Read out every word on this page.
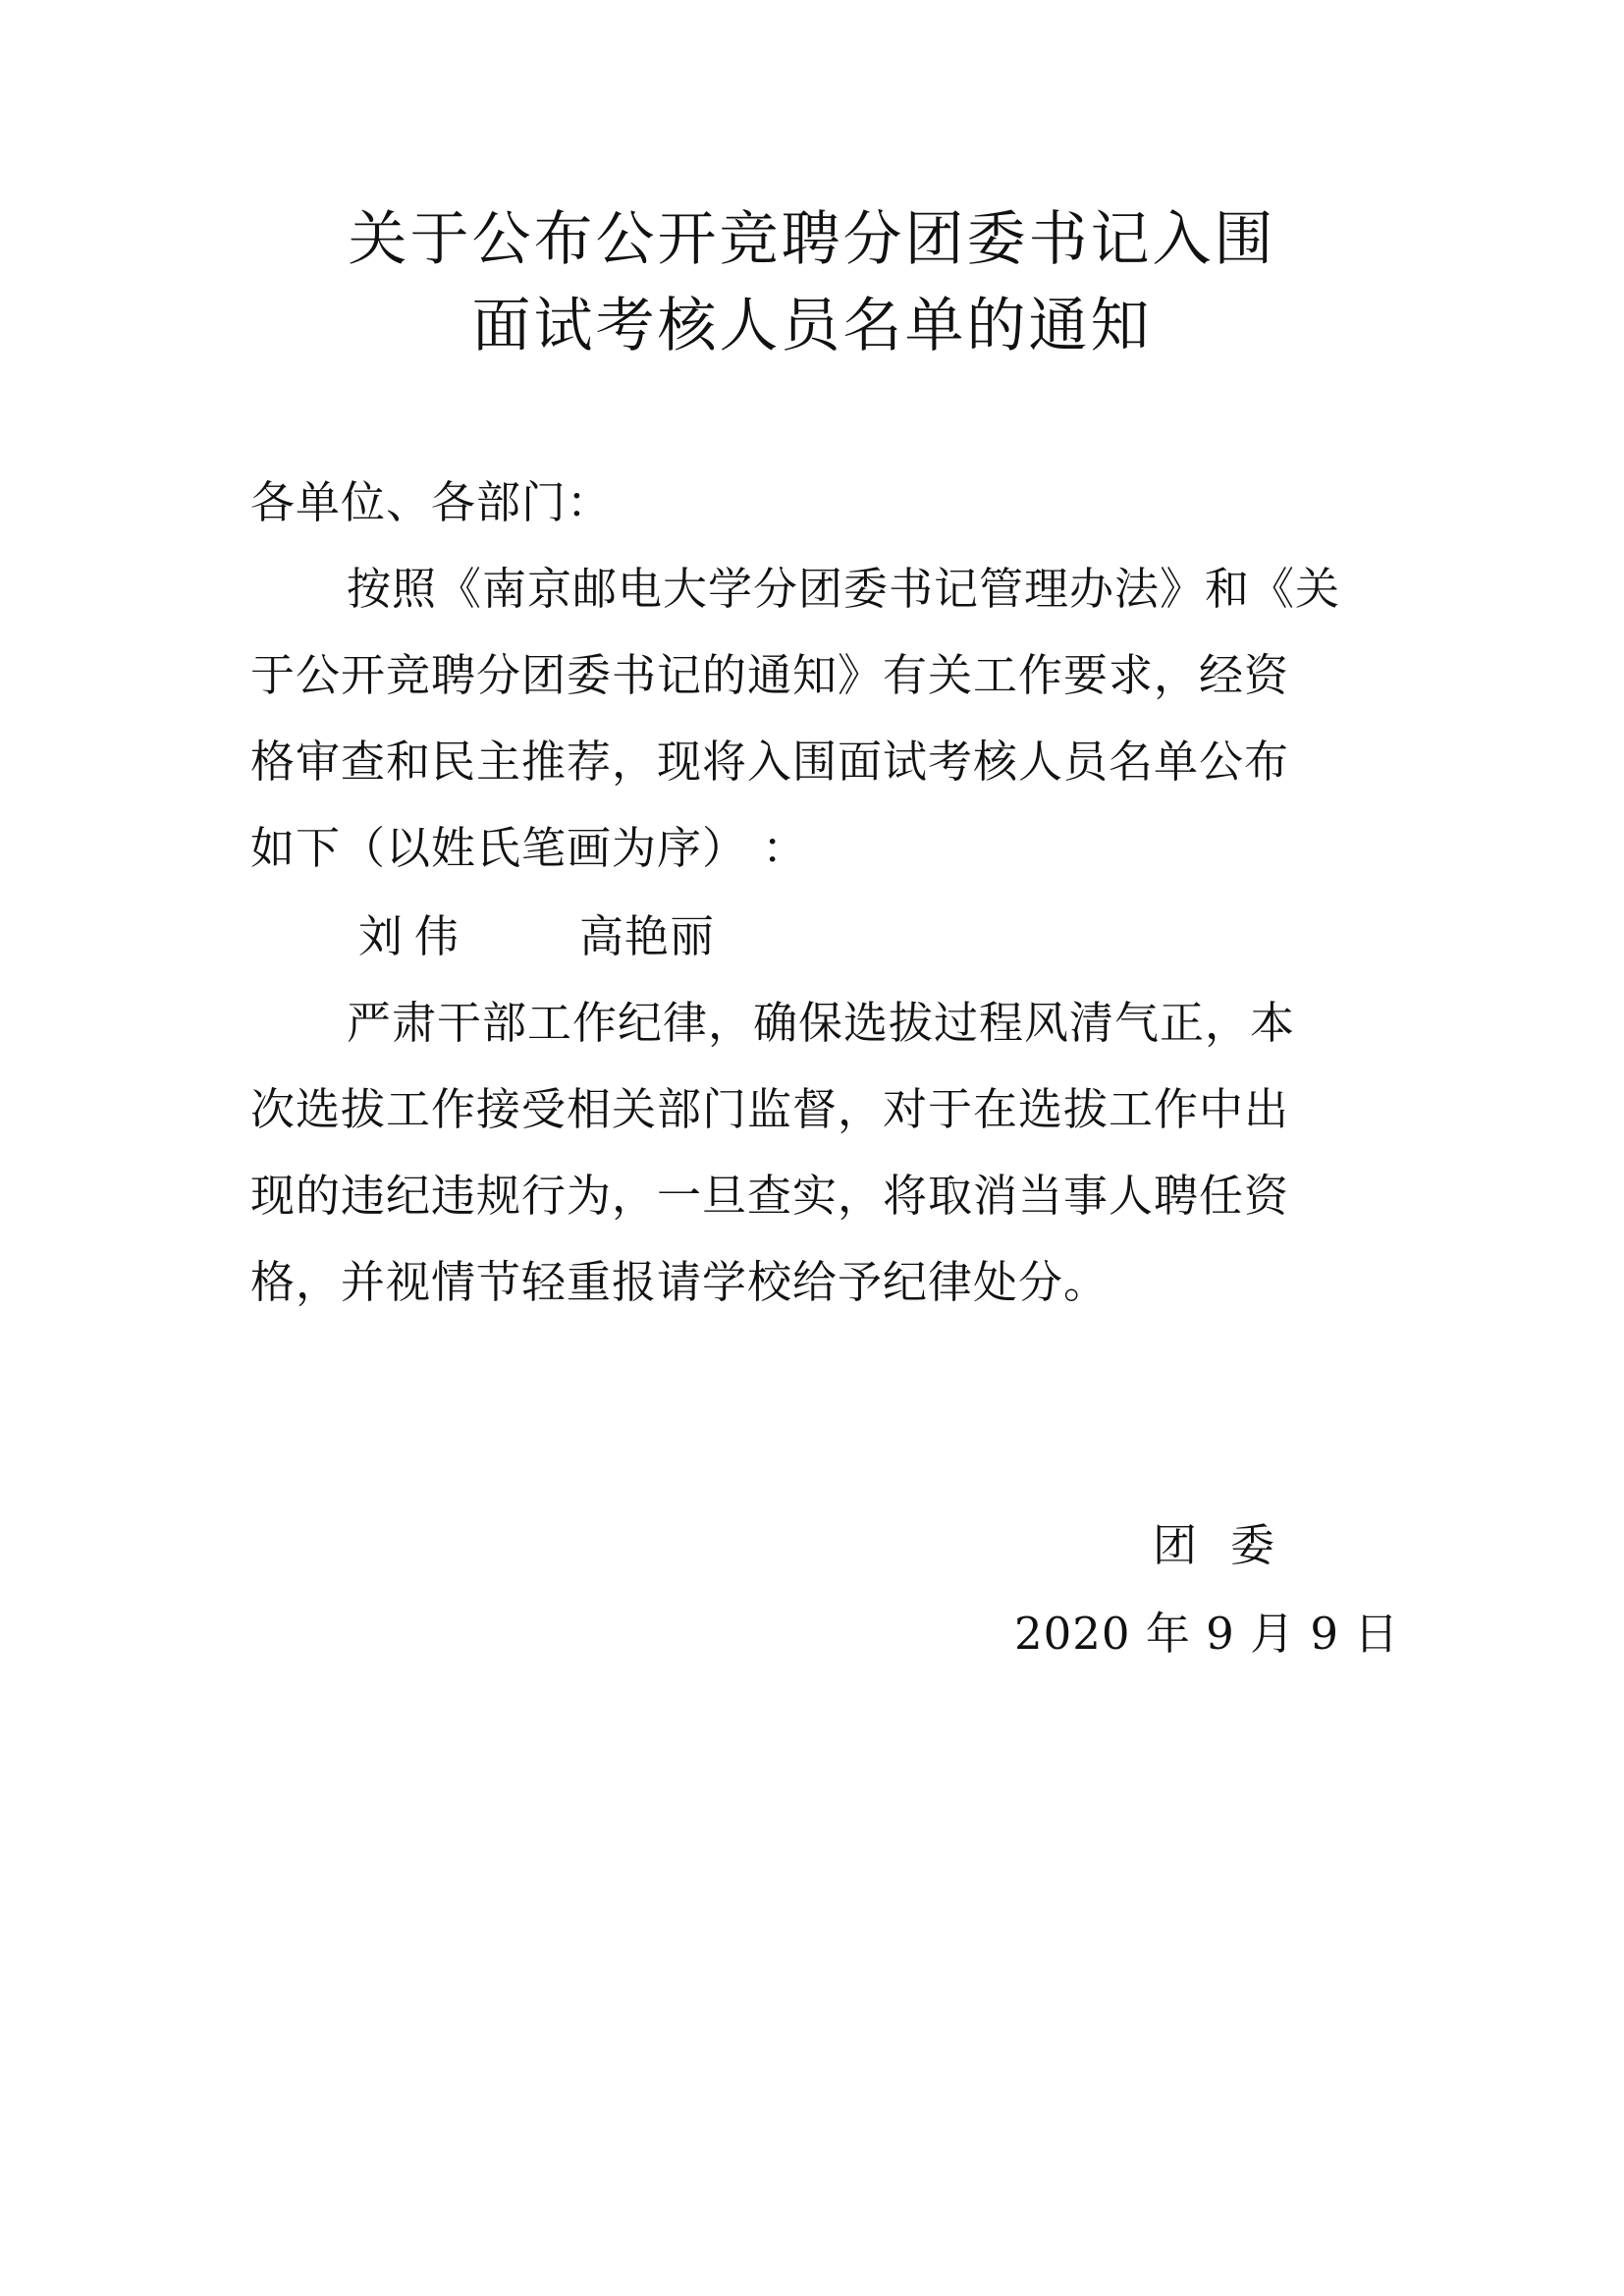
关于公布公开竞聘分团委书记入围
面试考核人员名单的通知
各单位、各部门：
按照《南京邮电大学分团委书记管理办法》和《关
于公开竞聘分团委书记的通知》有关工作要求，经资
格审查和民主推荐，现将入围面试考核人员名单公布
如下（以姓氏笔画为序） ：
刘伟 高艳丽
严肃干部工作纪律，确保选拔过程风清气正，本
次选拔工作接受相关部门监督，对于在选拔工作中出
现的违纪违规行为，一旦查实，将取消当事人聘任资
格，并视情节轻重报请学校给予纪律处分。
团委
2020 年 9 月 9 日
